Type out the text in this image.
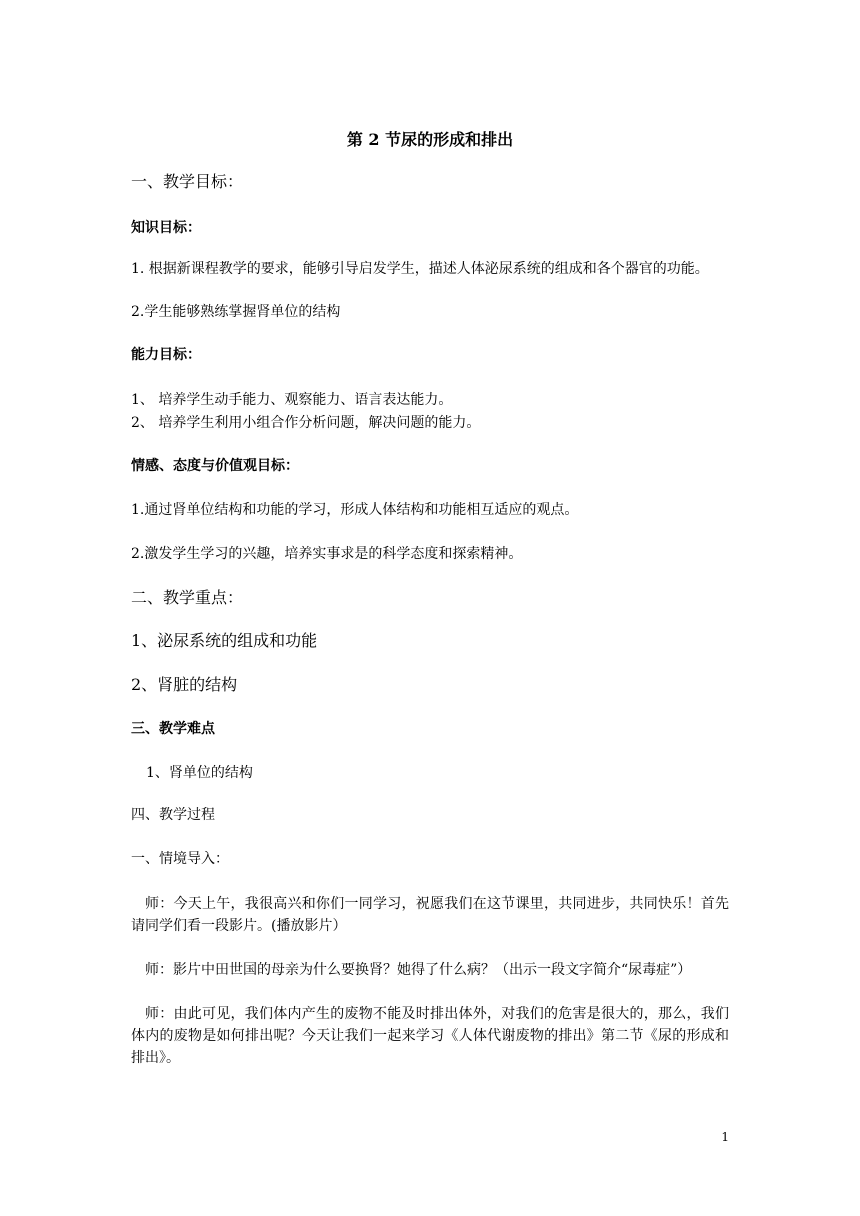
第 2 节尿的形成和排出
一、教学目标：
知识目标：
1. 根据新课程教学的要求，能够引导启发学生，描述人体泌尿系统的组成和各个器官的功能。
2.学生能够熟练掌握肾单位的结构
能力目标：
1、 培养学生动手能力、观察能力、语言表达能力。
2、 培养学生利用小组合作分析问题，解决问题的能力。
情感、态度与价值观目标：
1.通过肾单位结构和功能的学习，形成人体结构和功能相互适应的观点。
2.激发学生学习的兴趣，培养实事求是的科学态度和探索精神。
二、教学重点：
1、泌尿系统的组成和功能
2、肾脏的结构
三、教学难点
1、肾单位的结构
四、教学过程
一、情境导入：
师：今天上午，我很高兴和你们一同学习，祝愿我们在这节课里，共同进步，共同快乐！首先请同学们看一段影片。(播放影片）
师：影片中田世国的母亲为什么要换肾？她得了什么病？（出示一段文字简介“尿毒症”）
师：由此可见，我们体内产生的废物不能及时排出体外，对我们的危害是很大的，那么，我们体内的废物是如何排出呢？今天让我们一起来学习《人体代谢废物的排出》第二节《尿的形成和排出》。
1
